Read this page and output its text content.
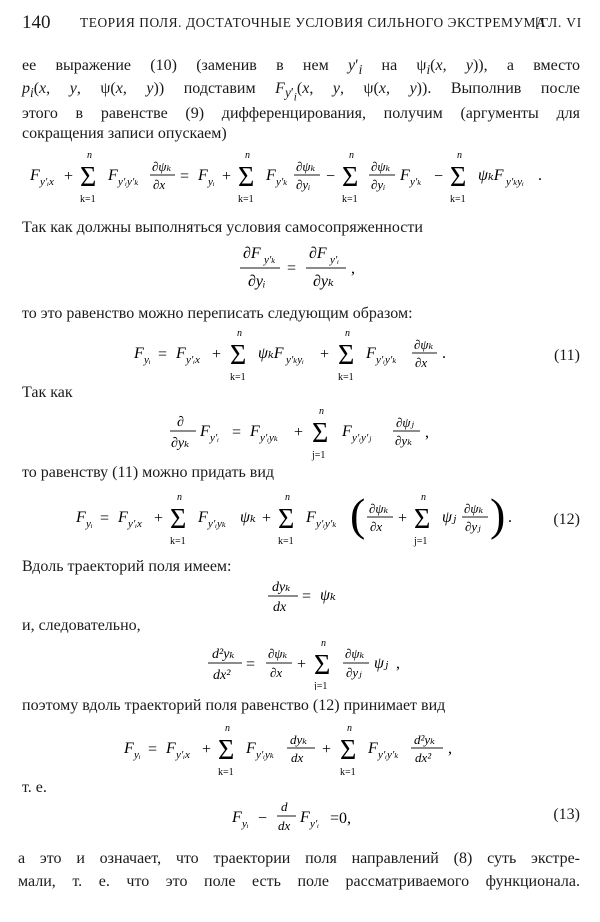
140 ТЕОРИЯ ПОЛЯ. ДОСТАТОЧНЫЕ УСЛОВИЯ СИЛЬНОГО ЭКСТРЕМУМА
[ГЛ. VI
ее выражение (10) (заменив в нем $y'_i$ на $\psi_i(x$, y)), а вместо
$p_i(x$, y, ψ(x, y)) подставим $F_{y'_i}(x$, y, ψ(x, y)). Выполнив после
этого в равенстве (9) дифференцирования, получим (аргументы для
сокращения записи опускаем)
F y′ᵢx + Σ
n
k=1
F y′ᵢy′ₖ
∂ψₖ
∂x = F yᵢ + Σ
n
k=1
F y′ₖ
∂ψₖ
∂yᵢ − Σ
n
k=1
∂ψₖ
∂yᵢ
F y′ₖ − Σ
n
k=1
ψₖF y′ₖyᵢ .
Так как должны выполняться условия самосопряженности
∂F y′ₖ
∂yᵢ
=
∂F y′ᵢ
∂yₖ
,
то это равенство можно переписать следующим образом:
F yᵢ = F y′ᵢx + Σ
n
k=1
ψₖF y′ₖyᵢ + Σ
n
k=1
F y′ᵢy′ₖ
∂ψₖ
∂x
.	(11)
Так как
∂
∂yₖ
F y′ᵢ = F y′ᵢyₖ + Σ
n
j=1
F y′ᵢy′ⱼ
∂ψⱼ
∂yₖ ,
то равенству (11) можно придать вид
F yᵢ = F y′ᵢx + Σ
n
k=1
F y′ᵢyₖ ψₖ + Σ
n
k=1
F y′ᵢy′ₖ ( ∂ψₖ
∂x + Σ
n
j=1
ψⱼ
∂ψₖ
∂yⱼ ) .	(12)
Вдоль траекторий поля имеем:
dyₖ
dx
= ψₖ
и, следовательно,
d²yₖ
dx²
=
∂ψₖ
∂x + Σ
n
j=1
∂ψₖ
∂yⱼ
ψⱼ ,
поэтому вдоль траекторий поля равенство (12) принимает вид
F yᵢ = F y′ᵢx + Σ
n
k=1
F y′ᵢyₖ
dyₖ
dx + Σ
n
k=1
F y′ᵢy′ₖ
d²yₖ
dx²
,
т. е.
F yᵢ −
d
dx F y′ᵢ =0,	(13)
а это и означает, что траектории поля направлений (8) суть экстре-
мали, т. е. что это поле есть поле рассматриваемого функционала.
